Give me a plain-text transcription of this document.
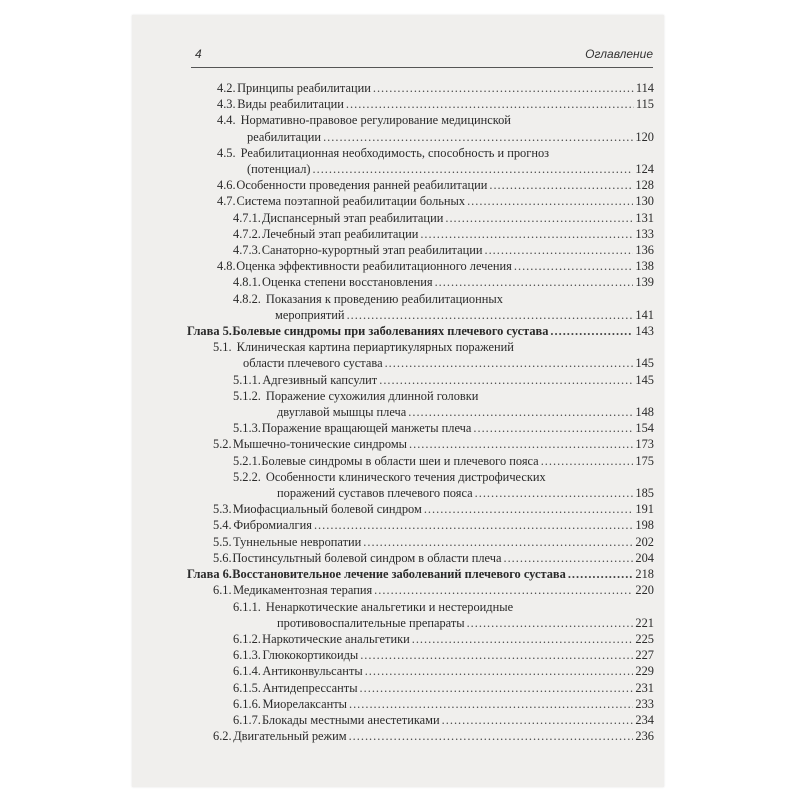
4	Оглавление
4.2. Принципы реабилитации .....	114
4.3. Виды реабилитации .....	115
4.4. Нормативно-правовое регулирование медицинской
реабилитации .....	120
4.5. Реабилитационная необходимость, способность и прогноз
(потенциал) .....	124
4.6. Особенности проведения ранней реабилитации .....	128
4.7. Система поэтапной реабилитации больных .....	130
4.7.1. Диспансерный этап реабилитации .....	131
4.7.2. Лечебный этап реабилитации .....	133
4.7.3. Санаторно-курортный этап реабилитации .....	136
4.8. Оценка эффективности реабилитационного лечения .....	138
4.8.1. Оценка степени восстановления .....	139
4.8.2. Показания к проведению реабилитационных
мероприятий .....	141
Глава 5. Болевые синдромы при заболеваниях плечевого сустава .....	143
5.1. Клиническая картина периартикулярных поражений
области плечевого сустава .....	145
5.1.1. Адгезивный капсулит .....	145
5.1.2. Поражение сухожилия длинной головки
двуглавой мышцы плеча .....	148
5.1.3. Поражение вращающей манжеты плеча .....	154
5.2. Мышечно-тонические синдромы .....	173
5.2.1. Болевые синдромы в области шеи и плечевого пояса .....	175
5.2.2. Особенности клинического течения дистрофических
поражений суставов плечевого пояса .....	185
5.3. Миофасциальный болевой синдром .....	191
5.4. Фибромиалгия .....	198
5.5. Туннельные невропатии .....	202
5.6. Постинсультный болевой синдром в области плеча .....	204
Глава 6. Восстановительное лечение заболеваний плечевого сустава .....	218
6.1. Медикаментозная терапия .....	220
6.1.1. Ненаркотические анальгетики и нестероидные
противовоспалительные препараты .....	221
6.1.2. Наркотические анальгетики .....	225
6.1.3. Глюкокортикоиды .....	227
6.1.4. Антиконвульсанты .....	229
6.1.5. Антидепрессанты .....	231
6.1.6. Миорелаксанты .....	233
6.1.7. Блокады местными анестетиками .....	234
6.2. Двигательный режим .....	236
